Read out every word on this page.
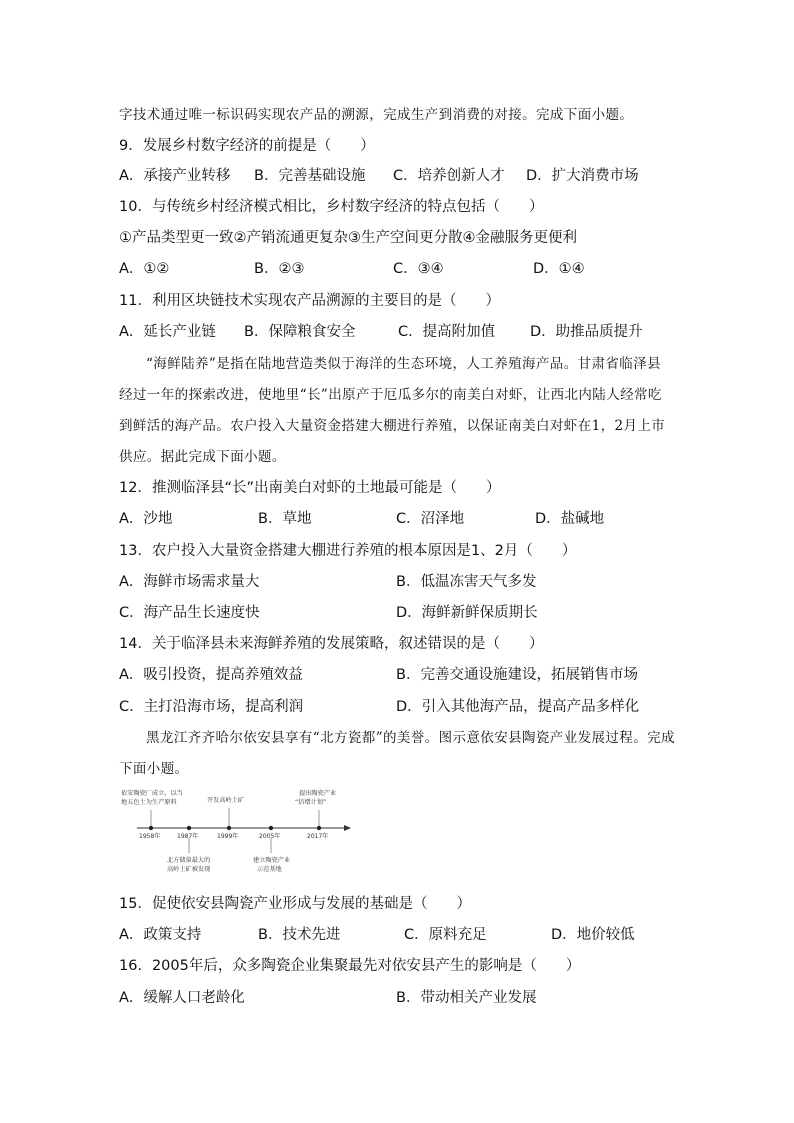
字技术通过唯一标识码实现农产品的溯源，完成生产到消费的对接。完成下面小题。
9．发展乡村数字经济的前提是（　　）
A．承接产业转移 B．完善基础设施 C．培养创新人才 D．扩大消费市场
10．与传统乡村经济模式相比，乡村数字经济的特点包括（　　）
①产品类型更一致②产销流通更复杂③生产空间更分散④金融服务更便利
A．①②	B．②③	C．③④	D．①④
11．利用区块链技术实现农产品溯源的主要目的是（　　）
A．延长产业链 B．保障粮食安全	C．提高附加值 D．助推品质提升
“海鲜陆养”是指在陆地营造类似于海洋的生态环境，人工养殖海产品。甘肃省临泽县
经过一年的探索改进，使地里“长”出原产于厄瓜多尔的南美白对虾，让西北内陆人经常吃
到鲜活的海产品。农户投入大量资金搭建大棚进行养殖，以保证南美白对虾在1，2月上市
供应。据此完成下面小题。
12．推测临泽县“长”出南美白对虾的土地最可能是（　　）
A．沙地	B．草地	C．沼泽地	D．盐碱地
13．农户投入大量资金搭建大棚进行养殖的根本原因是1、2月（　　）
A．海鲜市场需求量大	B．低温冻害天气多发
C．海产品生长速度快	D．海鲜新鲜保质期长
14．关于临泽县未来海鲜养殖的发展策略，叙述错误的是（　　）
A．吸引投资，提高养殖效益	B．完善交通设施建设，拓展销售市场
C．主打沿海市场，提高利润	D．引入其他海产品，提高产品多样化
黑龙江齐齐哈尔依安县享有“北方瓷都”的美誉。图示意依安县陶瓷产业发展过程。完成
下面小题。
依安陶瓷厂成立，以当
地五色土为生产原料	开发高岭土矿
提出陶瓷产业
“倍增计划”
1958年	1987年	1999年	2005年	2017年
北方储量最大的
高岭土矿被发现
建立陶瓷产业
示范基地
15．促使依安县陶瓷产业形成与发展的基础是（　　）
A．政策支持	B．技术先进	C．原料充足	D．地价较低
16．2005年后，众多陶瓷企业集聚最先对依安县产生的影响是（　　）
A．缓解人口老龄化	B．带动相关产业发展
